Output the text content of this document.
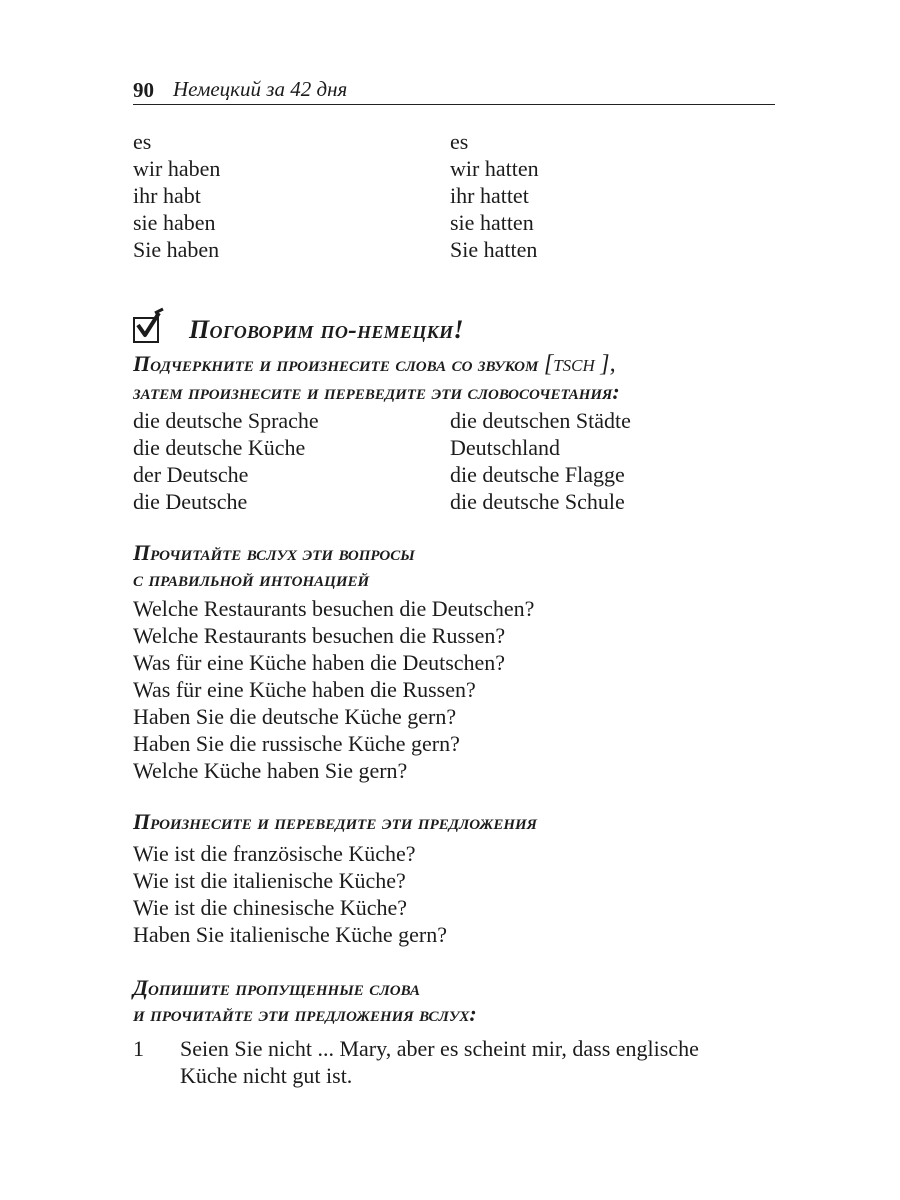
90 Немецкий за 42 дня
es	es
wir haben	wir hatten
ihr habt	ihr hattet
sie haben	sie hatten
Sie haben	Sie hatten
Поговорим по-немецки!
Подчеркните и произнесите слова со звуком [TSCH ],
затем произнесите и переведите эти словосочетания:
die deutsche Sprache	die deutschen Städte
die deutsche Küche	Deutschland
der Deutsche	die deutsche Flagge
die Deutsche	die deutsche Schule
Прочитайте вслух эти вопросы
с правильной интонацией
Welche Restaurants besuchen die Deutschen?
Welche Restaurants besuchen die Russen?
Was für eine Küche haben die Deutschen?
Was für eine Küche haben die Russen?
Haben Sie die deutsche Küche gern?
Haben Sie die russische Küche gern?
Welche Küche haben Sie gern?
Произнесите и переведите эти предложения
Wie ist die französische Küche?
Wie ist die italienische Küche?
Wie ist die chinesische Küche?
Haben Sie italienische Küche gern?
Допишите пропущенные слова
и прочитайте эти предложения вслух:
1	Seien Sie nicht ... Mary, aber es scheint mir, dass englische
Küche nicht gut ist.
